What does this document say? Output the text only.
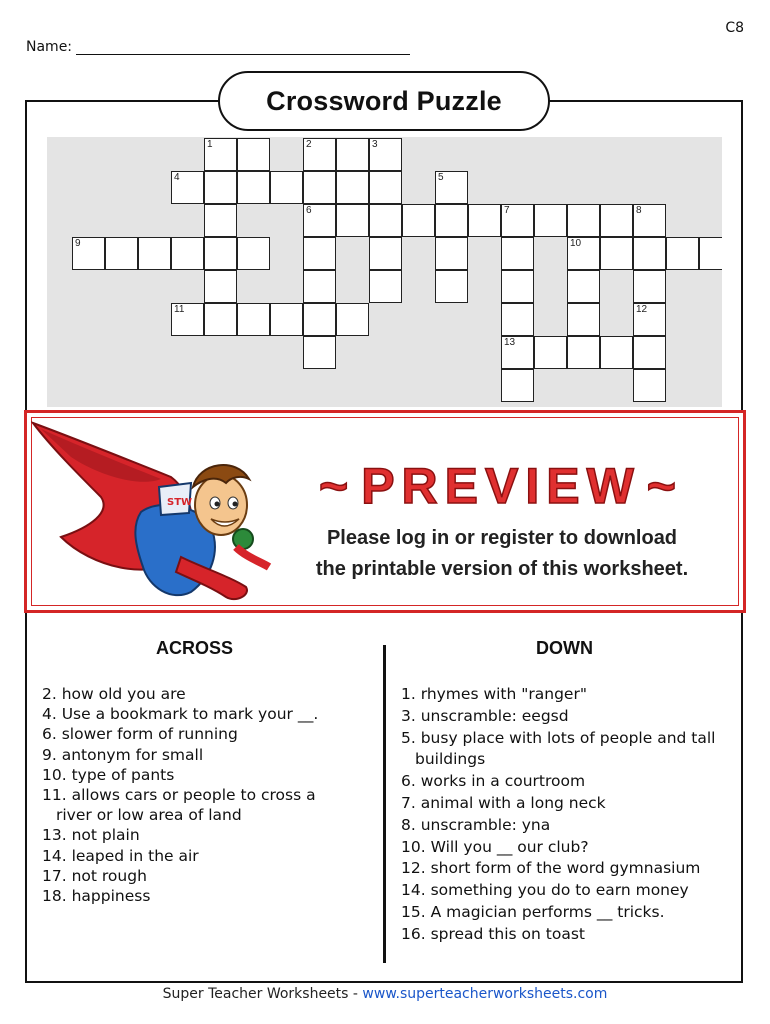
C8
Name:
Crossword Puzzle
1	2	3
4	5
6	7	8
9	10
11	12
13
STW	~ PREVIEW ~
Please log in or register to download
the printable version of this worksheet.
ACROSS	DOWN
2. how old you are
4. Use a bookmark to mark your __.
6. slower form of running
9. antonym for small
10. type of pants
11. allows cars or people to cross a river or low area of land
13. not plain
14. leaped in the air
17. not rough
18. happiness
1. rhymes with "ranger"
3. unscramble: eegsd
5. busy place with lots of people and tall buildings
6. works in a courtroom
7. animal with a long neck
8. unscramble: yna
10. Will you __ our club?
12. short form of the word gymnasium
14. something you do to earn money
15. A magician performs __ tricks.
16. spread this on toast
Super Teacher Worksheets - www.superteacherworksheets.com
